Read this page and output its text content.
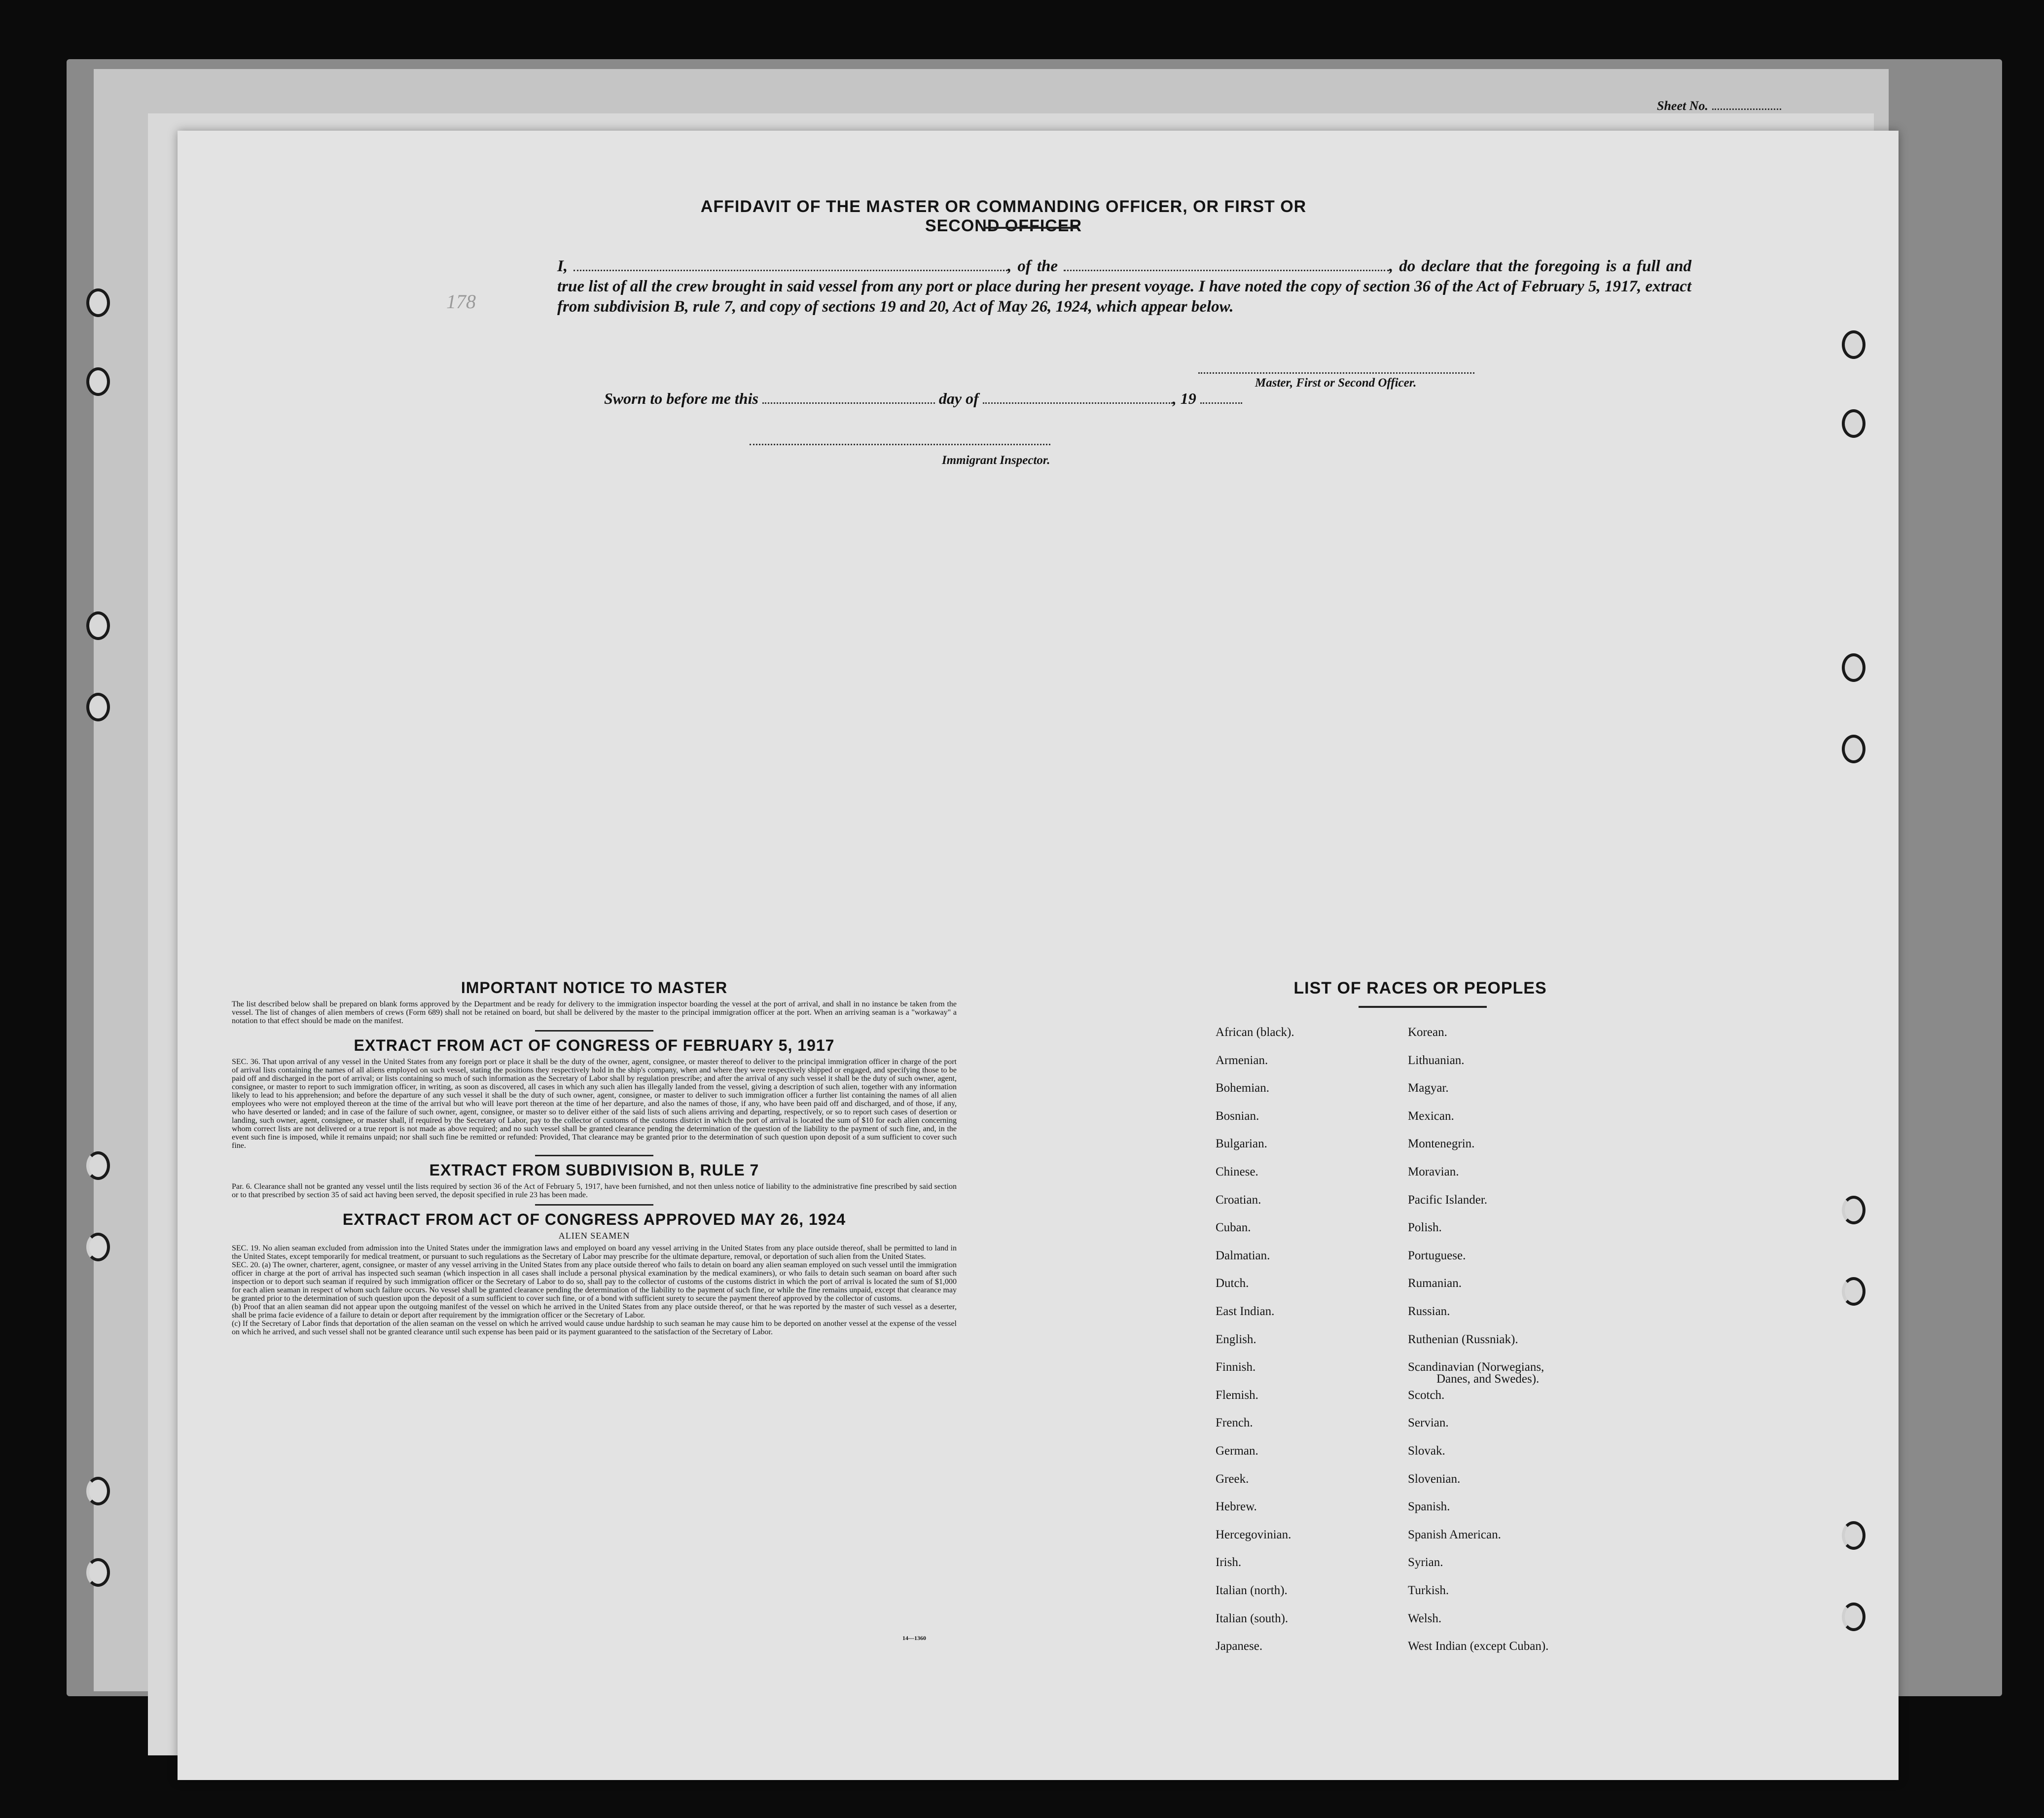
Sheet No.
178
AFFIDAVIT OF THE MASTER OR COMMANDING OFFICER, OR FIRST OR SECOND OFFICER
I,	, of the	, do declare that the foregoing is a full and true list of all the crew brought in said vessel from any port or place during her present voyage. I have noted the copy of section 36 of the Act of February 5, 1917, extract from subdivision B, rule 7, and copy of sections 19 and 20, Act of May 26, 1924, which appear below.
Master, First or Second Officer.
Sworn to before me this	day of	, 19
Immigrant Inspector.
IMPORTANT NOTICE TO MASTER

The list described below shall be prepared on blank forms approved by the Department and be ready for delivery to the immigration inspector boarding the vessel at the port of arrival, and shall in no instance be taken from the vessel. The list of changes of alien members of crews (Form 689) shall not be retained on board, but shall be delivered by the master to the principal immigration officer at the port. When an arriving seaman is a "workaway" a notation to that effect should be made on the manifest.

EXTRACT FROM ACT OF CONGRESS OF FEBRUARY 5, 1917

SEC. 36. That upon arrival of any vessel in the United States from any foreign port or place it shall be the duty of the owner, agent, consignee, or master thereof to deliver to the principal immigration officer in charge of the port of arrival lists containing the names of all aliens employed on such vessel, stating the positions they respectively hold in the ship's company, when and where they were respectively shipped or engaged, and specifying those to be paid off and discharged in the port of arrival; or lists containing so much of such information as the Secretary of Labor shall by regulation prescribe; and after the arrival of any such vessel it shall be the duty of such owner, agent, consignee, or master to report to such immigration officer, in writing, as soon as discovered, all cases in which any such alien has illegally landed from the vessel, giving a description of such alien, together with any information likely to lead to his apprehension; and before the departure of any such vessel it shall be the duty of such owner, agent, consignee, or master to deliver to such immigration officer a further list containing the names of all alien employees who were not employed thereon at the time of the arrival but who will leave port thereon at the time of her departure, and also the names of those, if any, who have been paid off and discharged, and of those, if any, who have deserted or landed; and in case of the failure of such owner, agent, consignee, or master so to deliver either of the said lists of such aliens arriving and departing, respectively, or so to report such cases of desertion or landing, such owner, agent, consignee, or master shall, if required by the Secretary of Labor, pay to the collector of customs of the customs district in which the port of arrival is located the sum of $10 for each alien concerning whom correct lists are not delivered or a true report is not made as above required; and no such vessel shall be granted clearance pending the determination of the question of the liability to the payment of such fine, and, in the event such fine is imposed, while it remains unpaid; nor shall such fine be remitted or refunded: Provided, That clearance may be granted prior to the determination of such question upon deposit of a sum sufficient to cover such fine.

EXTRACT FROM SUBDIVISION B, RULE 7

Par. 6. Clearance shall not be granted any vessel until the lists required by section 36 of the Act of February 5, 1917, have been furnished, and not then unless notice of liability to the administrative fine prescribed by said section or to that prescribed by section 35 of said act having been served, the deposit specified in rule 23 has been made.

EXTRACT FROM ACT OF CONGRESS APPROVED MAY 26, 1924

ALIEN SEAMEN

SEC. 19. No alien seaman excluded from admission into the United States under the immigration laws and employed on board any vessel arriving in the United States from any place outside thereof, shall be permitted to land in the United States, except temporarily for medical treatment, or pursuant to such regulations as the Secretary of Labor may prescribe for the ultimate departure, removal, or deportation of such alien from the United States.

SEC. 20. (a) The owner, charterer, agent, consignee, or master of any vessel arriving in the United States from any place outside thereof who fails to detain on board any alien seaman employed on such vessel until the immigration officer in charge at the port of arrival has inspected such seaman (which inspection in all cases shall include a personal physical examination by the medical examiners), or who fails to detain such seaman on board after such inspection or to deport such seaman if required by such immigration officer or the Secretary of Labor to do so, shall pay to the collector of customs of the customs district in which the port of arrival is located the sum of $1,000 for each alien seaman in respect of whom such failure occurs. No vessel shall be granted clearance pending the determination of the liability to the payment of such fine, or while the fine remains unpaid, except that clearance may be granted prior to the determination of such question upon the deposit of a sum sufficient to cover such fine, or of a bond with sufficient surety to secure the payment thereof approved by the collector of customs.

(b) Proof that an alien seaman did not appear upon the outgoing manifest of the vessel on which he arrived in the United States from any place outside thereof, or that he was reported by the master of such vessel as a deserter, shall be prima facie evidence of a failure to detain or deport after requirement by the immigration officer or the Secretary of Labor.

(c) If the Secretary of Labor finds that deportation of the alien seaman on the vessel on which he arrived would cause undue hardship to such seaman he may cause him to be deported on another vessel at the expense of the vessel on which he arrived, and such vessel shall not be granted clearance until such expense has been paid or its payment guaranteed to the satisfaction of the Secretary of Labor.

14—1360
LIST OF RACES OR PEOPLES
African (black).
Armenian.
Bohemian.
Bosnian.
Bulgarian.
Chinese.
Croatian.
Cuban.
Dalmatian.
Dutch.
East Indian.
English.
Finnish.
Flemish.
French.
German.
Greek.
Hebrew.
Hercegovinian.
Irish.
Italian (north).
Italian (south).
Japanese.
Korean.
Lithuanian.
Magyar.
Mexican.
Montenegrin.
Moravian.
Pacific Islander.
Polish.
Portuguese.
Rumanian.
Russian.
Ruthenian (Russniak).
Scandinavian (Norwegians,
Scotch.
Servian.
Slovak.
Slovenian.
Spanish.
Spanish American.
Syrian.
Turkish.
Welsh.
West Indian (except Cuban).
Danes, and Swedes).
